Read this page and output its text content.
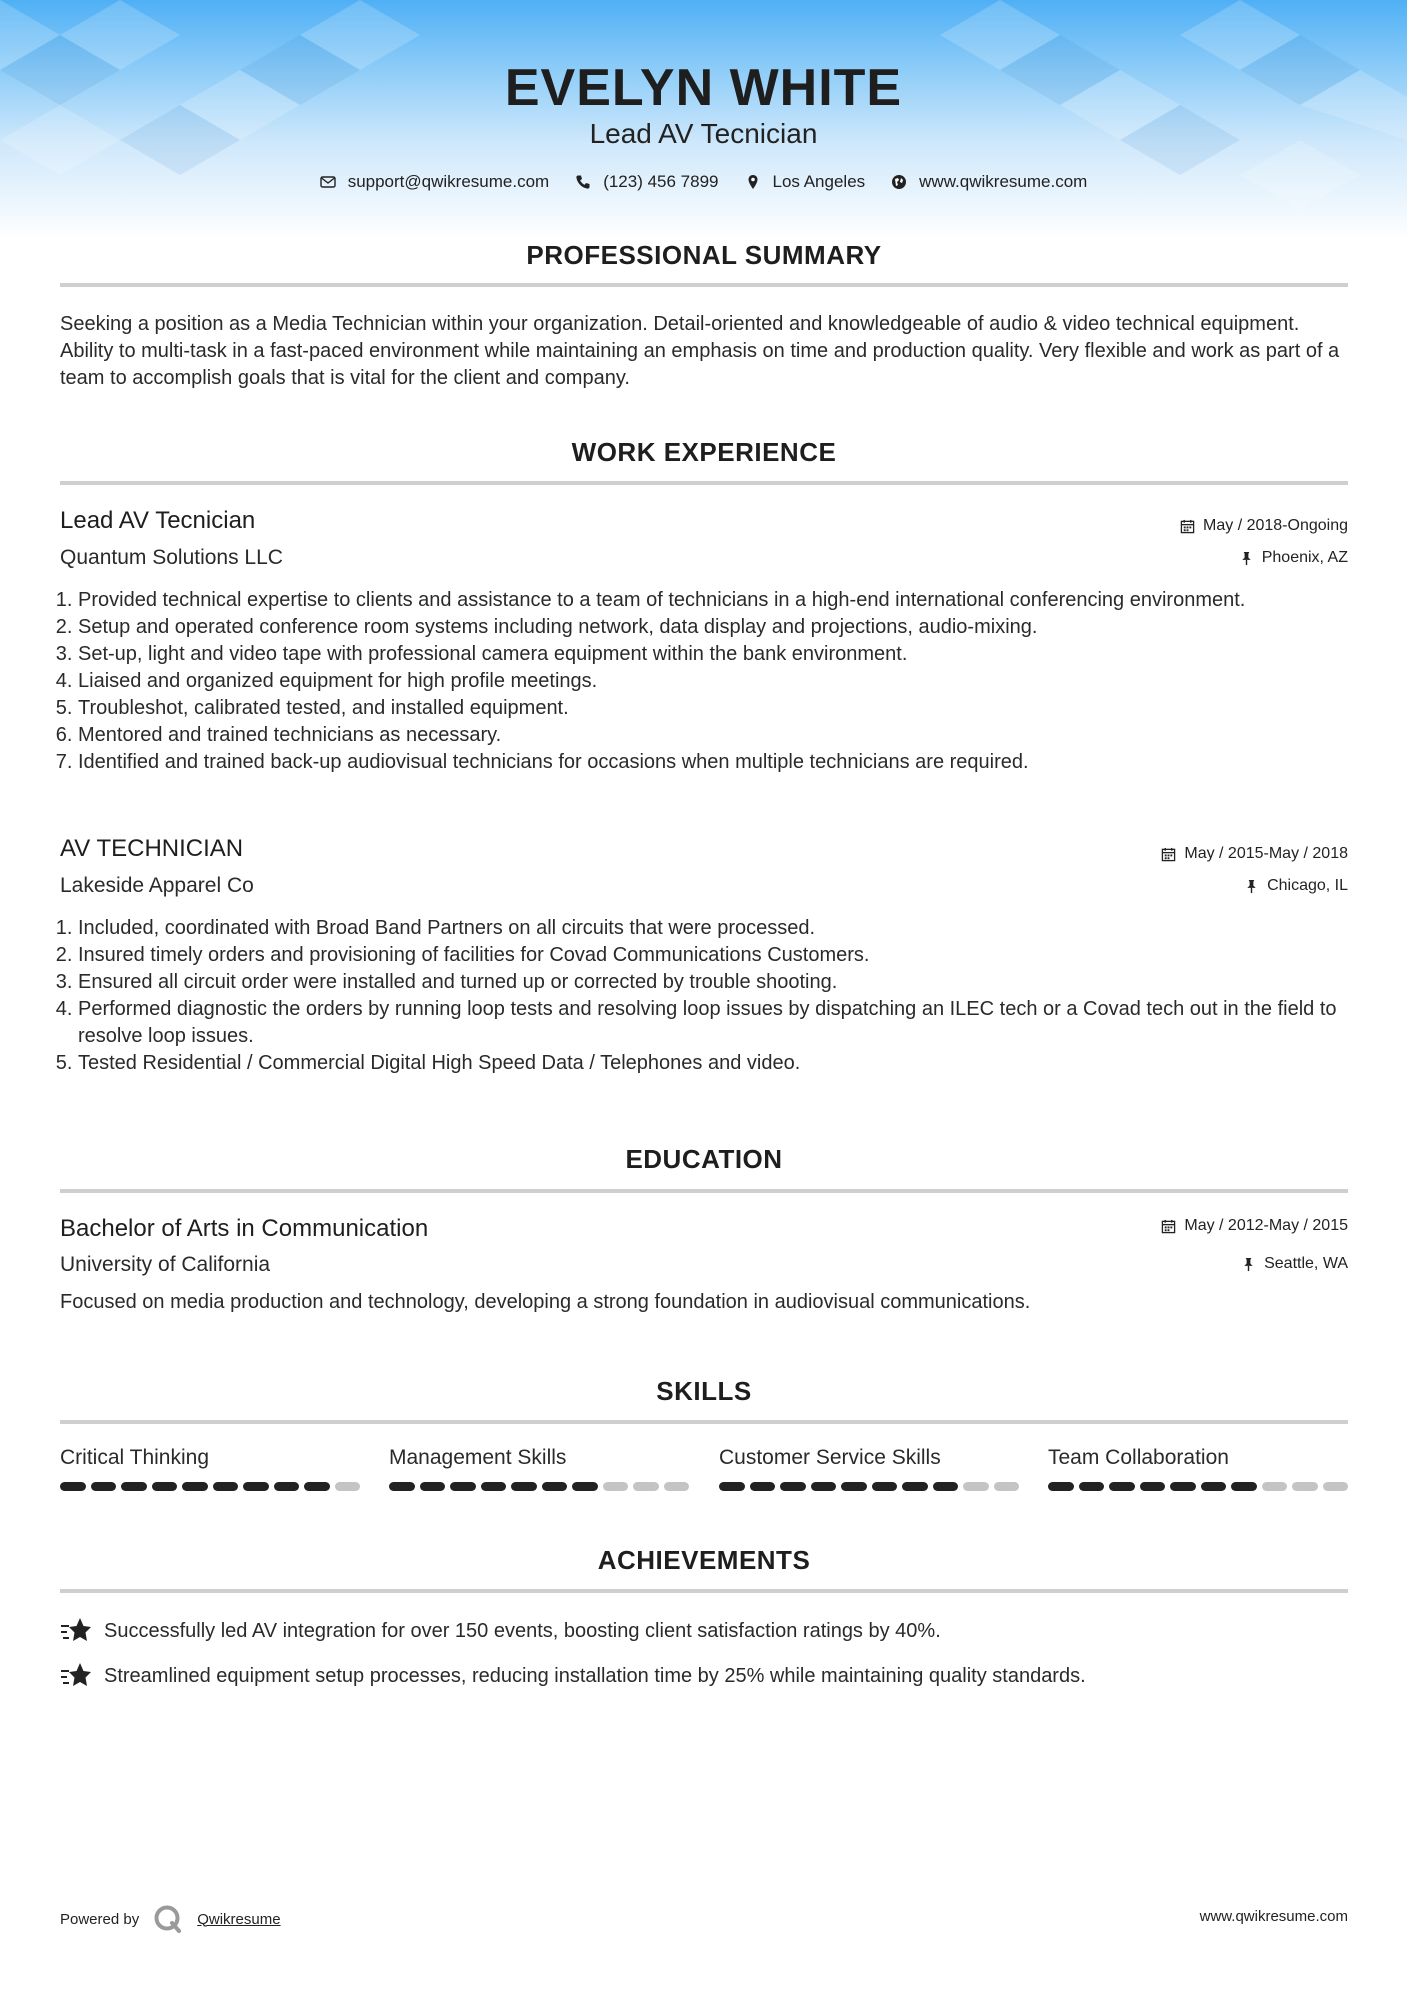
EVELYN WHITE
Lead AV Tecnician
support@qwikresume.com	(123) 456 7899	Los Angeles	www.qwikresume.com
PROFESSIONAL SUMMARY
Seeking a position as a Media Technician within your organization. Detail-oriented and knowledgeable of audio & video technical equipment. Ability to multi-task in a fast-paced environment while maintaining an emphasis on time and production quality. Very flexible and work as part of a team to accomplish goals that is vital for the client and company.
WORK EXPERIENCE
Lead AV Tecnician	May / 2018-Ongoing
Quantum Solutions LLC	Phoenix, AZ
1. Provided technical expertise to clients and assistance to a team of technicians in a high-end international conferencing environment.
2. Setup and operated conference room systems including network, data display and projections, audio-mixing.
3. Set-up, light and video tape with professional camera equipment within the bank environment.
4. Liaised and organized equipment for high profile meetings.
5. Troubleshot, calibrated tested, and installed equipment.
6. Mentored and trained technicians as necessary.
7. Identified and trained back-up audiovisual technicians for occasions when multiple technicians are required.
AV TECHNICIAN	May / 2015-May / 2018
Lakeside Apparel Co	Chicago, IL
1. Included, coordinated with Broad Band Partners on all circuits that were processed.
2. Insured timely orders and provisioning of facilities for Covad Communications Customers.
3. Ensured all circuit order were installed and turned up or corrected by trouble shooting.
4. Performed diagnostic the orders by running loop tests and resolving loop issues by dispatching an ILEC tech or a Covad tech out in the field to resolve loop issues.
5. Tested Residential / Commercial Digital High Speed Data / Telephones and video.
EDUCATION
Bachelor of Arts in Communication	May / 2012-May / 2015
University of California	Seattle, WA
Focused on media production and technology, developing a strong foundation in audiovisual communications.
SKILLS
Critical Thinking	Management Skills	Customer Service Skills	Team Collaboration
ACHIEVEMENTS
Successfully led AV integration for over 150 events, boosting client satisfaction ratings by 40%.
Streamlined equipment setup processes, reducing installation time by 25% while maintaining quality standards.
Powered by	Qwikresume	www.qwikresume.com
